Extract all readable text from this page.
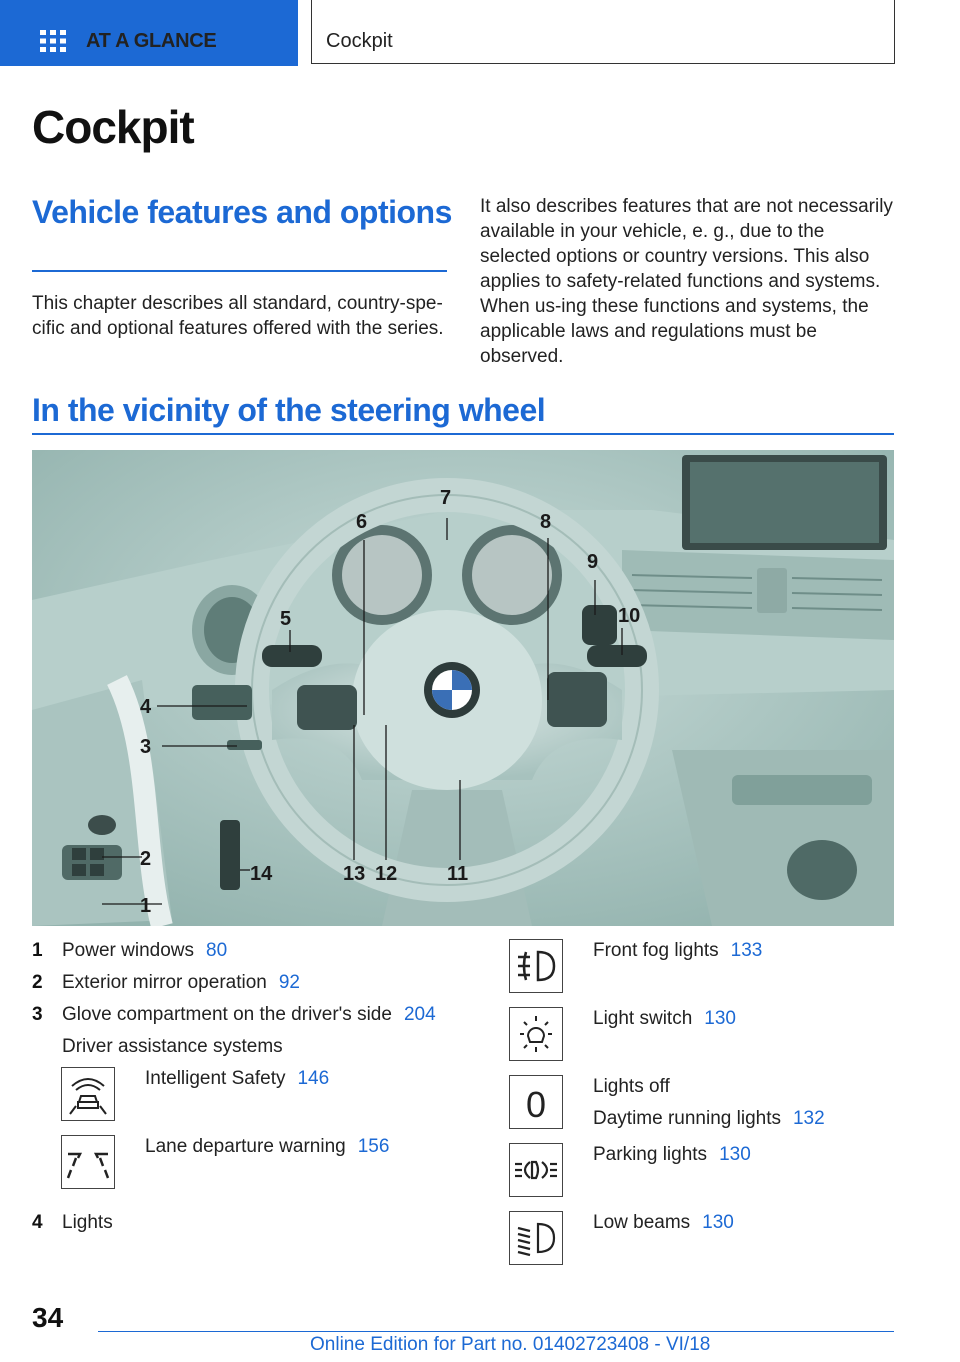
AT A GLANCE	Cockpit
Cockpit
Vehicle features and options
This chapter describes all standard, country-spe-cific and optional features offered with the series.
It also describes features that are not necessarily available in your vehicle, e. g., due to the selected options or country versions. This also applies to safety-related functions and systems. When us-ing these functions and systems, the applicable laws and regulations must be observed.
In the vicinity of the steering wheel
1
2
3
4
5
6
7
8
9
10
11
12
13
14
1 Power windows 80
2 Exterior mirror operation 92
3 Glove compartment on the driver's side 204
Driver assistance systems
Intelligent Safety 146
Lane departure warning 156
4 Lights
Front fog lights 133
Light switch 130
0 Lights off
Daytime running lights 132
Parking lights 130
Low beams 130
34
Online Edition for Part no. 01402723408 - VI/18
